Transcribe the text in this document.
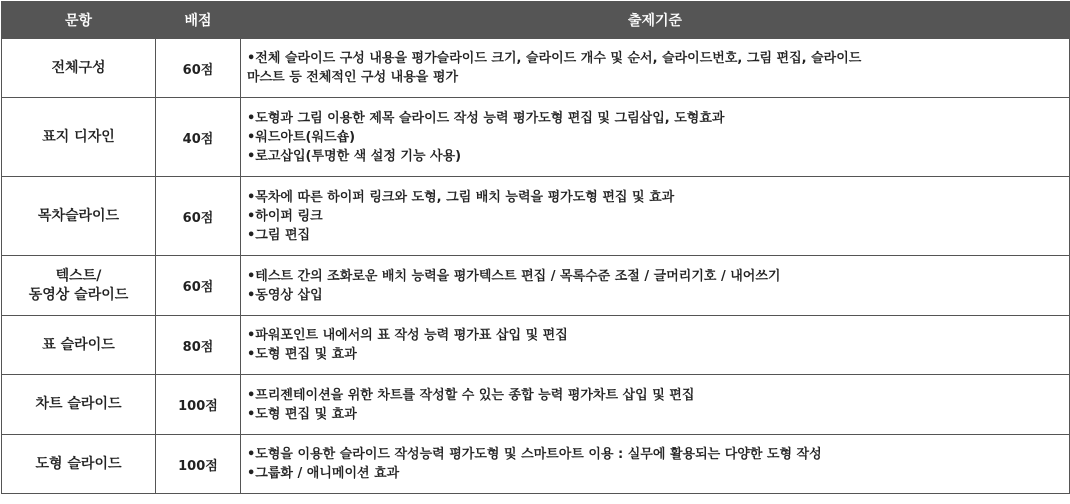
문항	배점	출제기준

전체구성	60점	•전체 슬라이드 구성 내용을 평가슬라이드 크기, 슬라이드 개수 및 순서, 슬라이드번호, 그림 편집, 슬라이드
마스트 등 전체적인 구성 내용을 평가

표지 디자인	40점	•도형과 그림 이용한 제목 슬라이드 작성 능력 평가도형 편집 및 그림삽입, 도형효과
•워드아트(워드숍)
•로고삽입(투명한 색 설정 기능 사용)

목차슬라이드	60점	•목차에 따른 하이퍼 링크와 도형, 그림 배치 능력을 평가도형 편집 및 효과
•하이퍼 링크
•그림 편집

텍스트/
동영상 슬라이드	60점	•테스트 간의 조화로운 배치 능력을 평가텍스트 편집 / 목록수준 조절 / 글머리기호 / 내어쓰기
•동영상 삽입

표 슬라이드	80점	•파워포인트 내에서의 표 작성 능력 평가표 삽입 및 편집
•도형 편집 및 효과

차트 슬라이드	100점	•프리젠테이션을 위한 차트를 작성할 수 있는 종합 능력 평가차트 삽입 및 편집
•도형 편집 및 효과

도형 슬라이드	100점	•도형을 이용한 슬라이드 작성능력 평가도형 및 스마트아트 이용 : 실무에 활용되는 다양한 도형 작성
•그룹화 / 애니메이션 효과
